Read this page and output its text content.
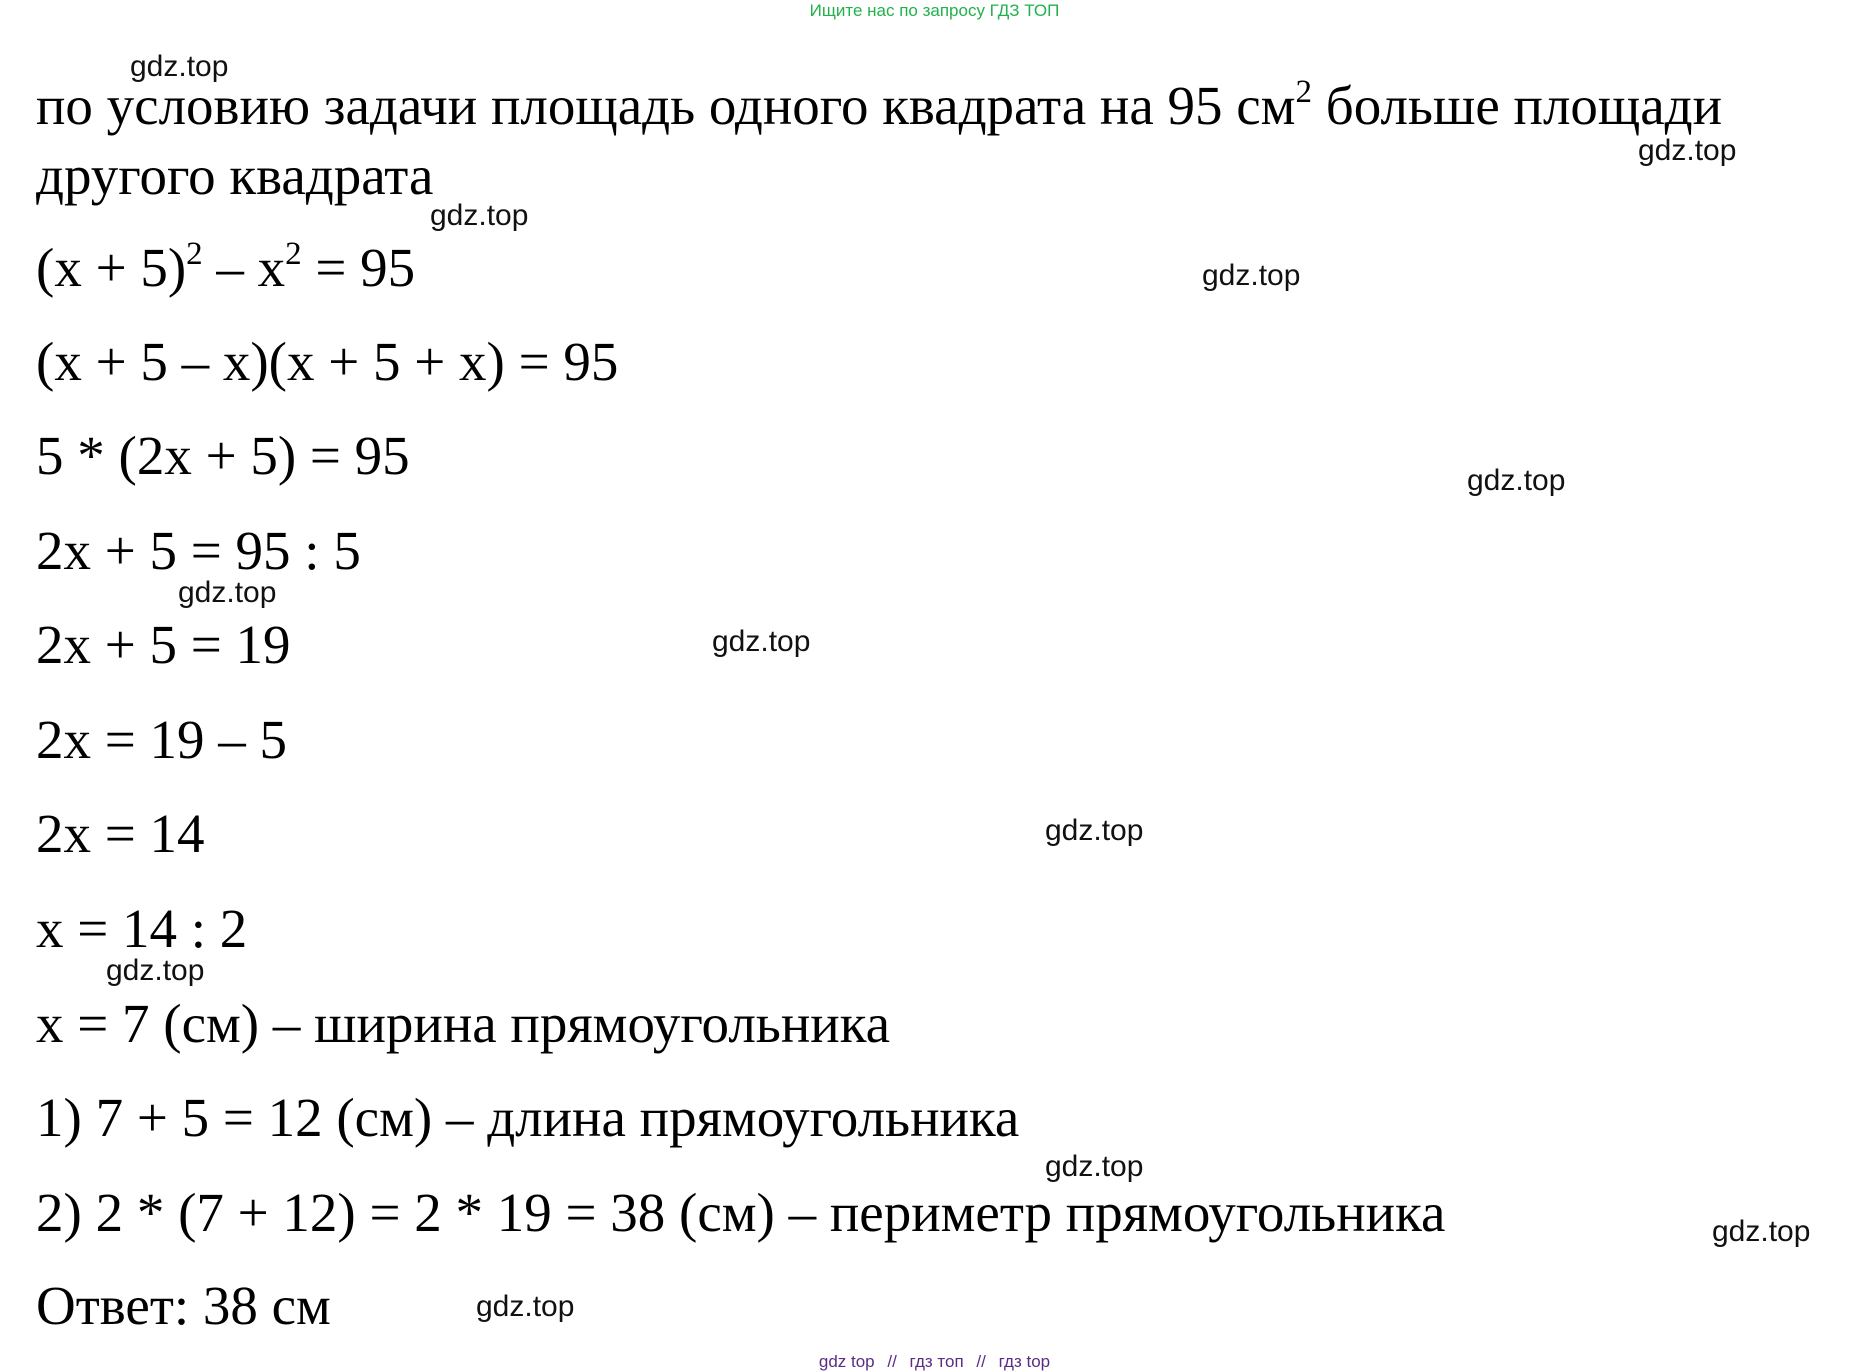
Ищите нас по запросу ГДЗ ТОП
по условию задачи площадь одного квадрата на 95 $см^2$ больше площади
другого квадрата
$(x + 5)^2 - x^2 = 95$
(x + 5 – x)(x + 5 + x) = 95
5 * (2x + 5) = 95
2x + 5 = 95 : 5
2x + 5 = 19
2x = 19 – 5
2x = 14
x = 14 : 2
x = 7 (см) – ширина прямоугольника
1) 7 + 5 = 12 (см) – длина прямоугольника
2) 2 * (7 + 12) = 2 * 19 = 38 (см) – периметр прямоугольника
Ответ: 38 см
gdz.top
gdz.top
gdz.top
gdz.top
gdz.top
gdz.top
gdz.top
gdz.top
gdz.top
gdz.top
gdz.top
gdz.top
gdz top // гдз топ // гдз top
